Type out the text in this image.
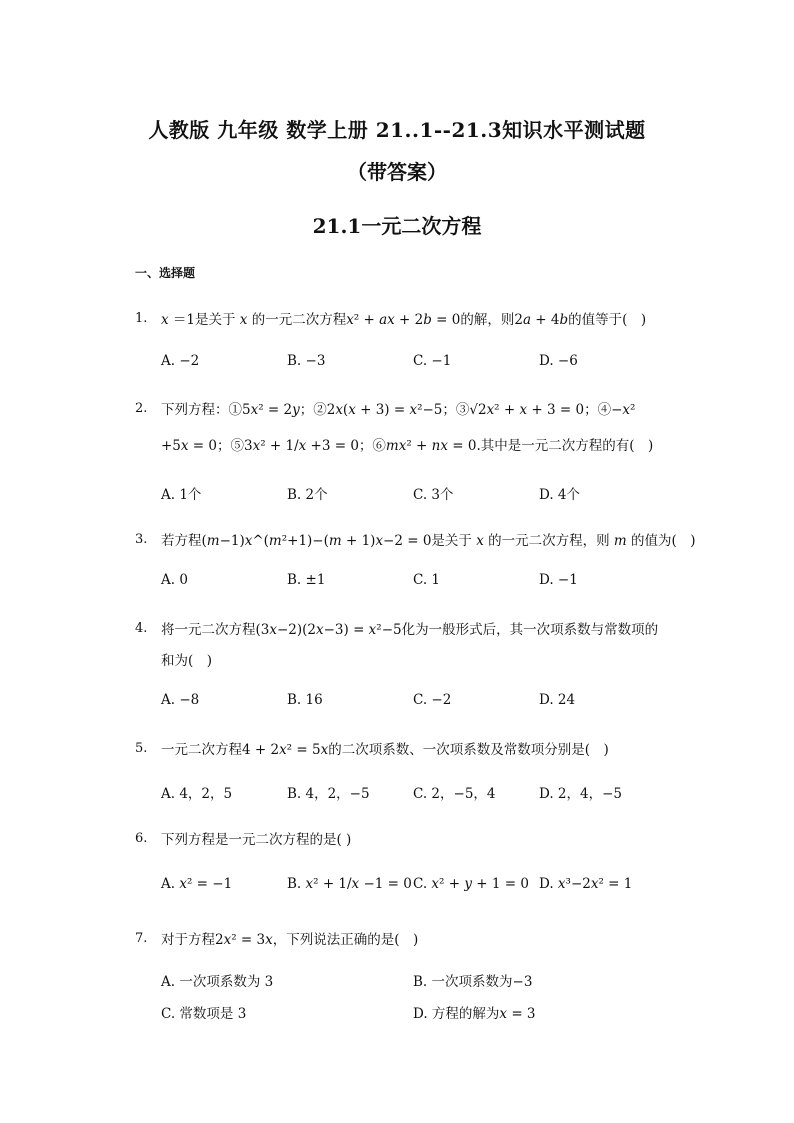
人教版 九年级 数学上册 21..1--21.3知识水平测试题
（带答案）
21.1一元二次方程
一、选择题
1. 𝑥 ＝1是关于 𝑥 的一元二次方程𝑥² + 𝑎𝑥 + 2𝑏 = 0的解，则2𝑎 + 4𝑏的值等于(　)
A. −2	B. −3	C. −1	D. −6
2. 下列方程：①5𝑥² = 2𝑦；②2𝑥(𝑥 + 3) = 𝑥²−5；③√2𝑥² + 𝑥 + 3 = 0；④−𝑥²
+5𝑥 = 0；⑤3𝑥² + 1/𝑥 +3 = 0；⑥𝑚𝑥² + 𝑛𝑥 = 0.其中是一元二次方程的有(　)
A. 1个	B. 2个	C. 3个	D. 4个
3. 若方程(𝑚−1)𝑥^(𝑚²+1)−(𝑚 + 1)𝑥−2 = 0是关于 𝑥 的一元二次方程，则 𝑚 的值为(　)
A. 0	B. ±1	C. 1	D. −1
4. 将一元二次方程(3𝑥−2)(2𝑥−3) = 𝑥²−5化为一般形式后，其一次项系数与常数项的
和为(　)
A. −8	B. 16	C. −2	D. 24
5. 一元二次方程4 + 2𝑥² = 5𝑥的二次项系数、一次项系数及常数项分别是(　)
A. 4，2，5	B. 4，2，−5	C. 2，−5，4	D. 2，4，−5
6. 下列方程是一元二次方程的是( )
A. 𝑥² = −1	B. 𝑥² + 1/𝑥 −1 = 0 C. 𝑥² + 𝑦 + 1 = 0 D. 𝑥³−2𝑥² = 1
7. 对于方程2𝑥² = 3𝑥，下列说法正确的是(　)
A. 一次项系数为 3	B. 一次项系数为−3
C. 常数项是 3	D. 方程的解为𝑥 = 3
